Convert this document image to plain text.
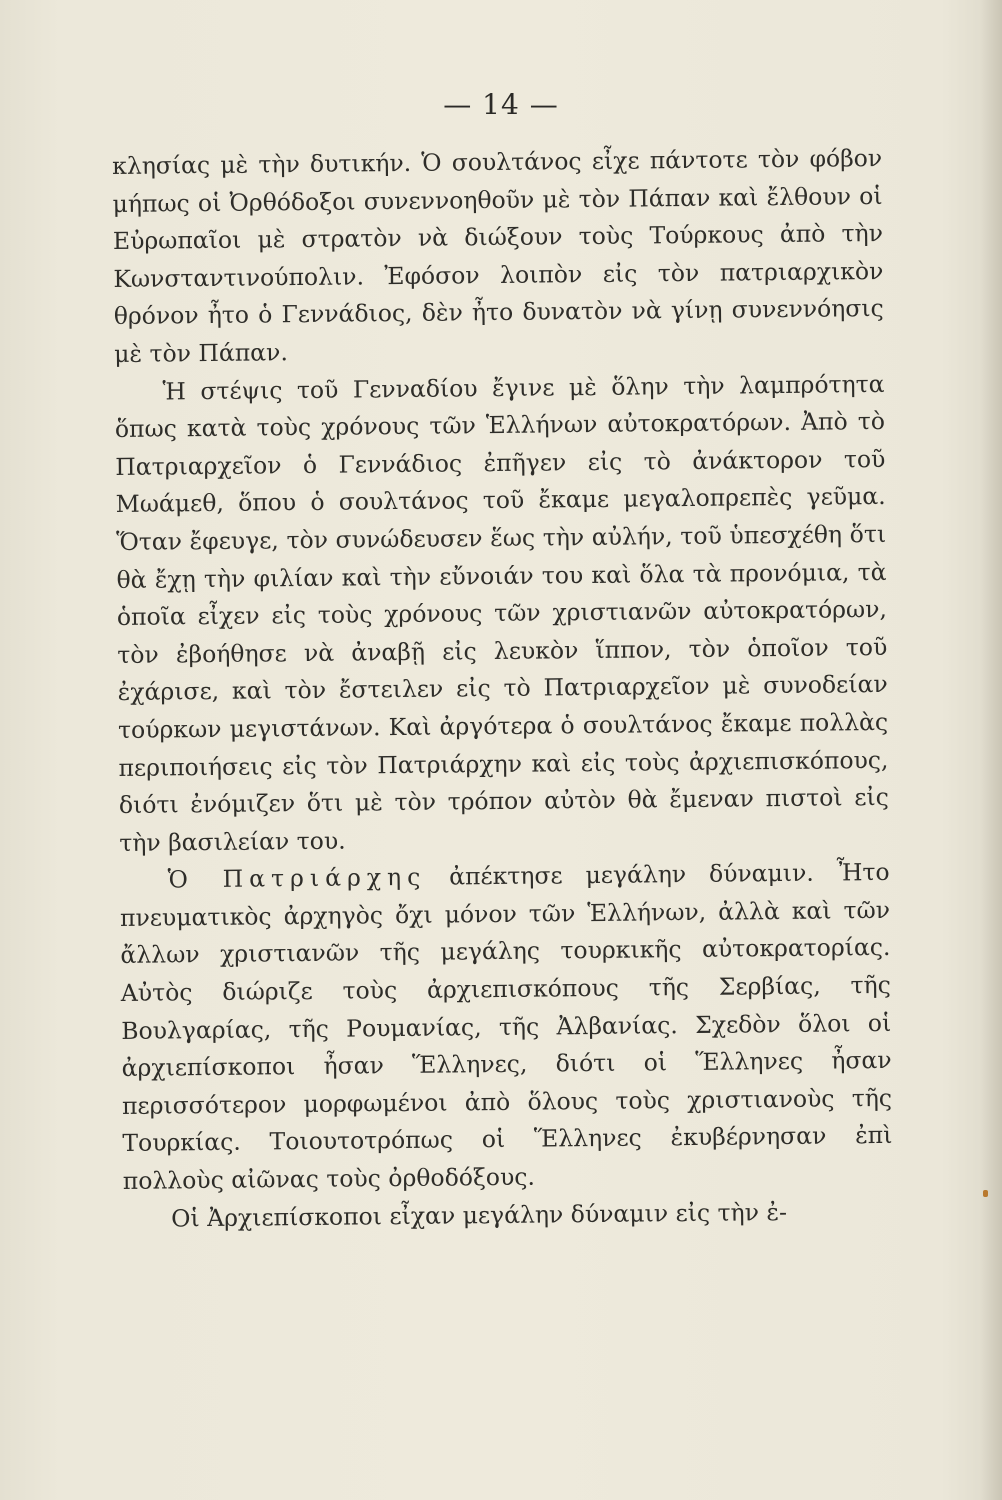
— 14 —

κλησίας μὲ τὴν δυτικήν. Ὁ σουλτάνος εἶχε πάντοτε τὸν φόβον μήπως οἱ Ὀρθόδοξοι συνεννοηθοῦν μὲ τὸν Πάπαν καὶ ἔλθουν οἱ Εὐρωπαῖοι μὲ στρατὸν νὰ διώξουν τοὺς Τούρκους ἀπὸ τὴν Κωνσταντινούπολιν. Ἐφόσον λοιπὸν εἰς τὸν πατριαρχικὸν θρόνον ἦτο ὁ Γεννάδιος, δὲν ἦτο δυνατὸν νὰ γίνῃ συνεννόησις μὲ τὸν Πάπαν.

Ἡ στέψις τοῦ Γενναδίου ἔγινε μὲ ὅλην τὴν λαμπρότητα ὅπως κατὰ τοὺς χρόνους τῶν Ἑλλήνων αὐτοκρατόρων. Ἀπὸ τὸ Πατριαρχεῖον ὁ Γεννάδιος ἐπῆγεν εἰς τὸ ἀνάκτορον τοῦ Μωάμεθ, ὅπου ὁ σουλτάνος τοῦ ἔκαμε μεγαλοπρεπὲς γεῦμα. Ὅταν ἔφευγε, τὸν συνώδευσεν ἕως τὴν αὐλήν, τοῦ ὑπεσχέθη ὅτι θὰ ἔχῃ τὴν φιλίαν καὶ τὴν εὔνοιάν του καὶ ὅλα τὰ προνόμια, τὰ ὁποῖα εἶχεν εἰς τοὺς χρόνους τῶν χριστιανῶν αὐτοκρατόρων, τὸν ἐβοήθησε νὰ ἀναβῇ εἰς λευκὸν ἵππον, τὸν ὁποῖον τοῦ ἐχάρισε, καὶ τὸν ἔστειλεν εἰς τὸ Πατριαρχεῖον μὲ συνοδείαν τούρκων μεγιστάνων. Καὶ ἀργότερα ὁ σουλτάνος ἔκαμε πολλὰς περιποιήσεις εἰς τὸν Πατριάρχην καὶ εἰς τοὺς ἀρχιεπισκόπους, διότι ἐνόμιζεν ὅτι μὲ τὸν τρόπον αὐτὸν θὰ ἔμεναν πιστοὶ εἰς τὴν βασιλείαν του.

Ὁ Πατριάρχης ἀπέκτησε μεγάλην δύναμιν. Ἦτο πνευματικὸς ἀρχηγὸς ὄχι μόνον τῶν Ἑλλήνων, ἀλλὰ καὶ τῶν ἄλλων χριστιανῶν τῆς μεγάλης τουρκικῆς αὐτοκρατορίας. Αὐτὸς διώριζε τοὺς ἀρχιεπισκόπους τῆς Σερβίας, τῆς Βουλγαρίας, τῆς Ρουμανίας, τῆς Ἀλβανίας. Σχεδὸν ὅλοι οἱ ἀρχιεπίσκοποι ἦσαν Ἕλληνες, διότι οἱ Ἕλληνες ἦσαν περισσότερον μορφωμένοι ἀπὸ ὅλους τοὺς χριστιανοὺς τῆς Τουρκίας. Τοιουτοτρόπως οἱ Ἕλληνες ἐκυβέρνησαν ἐπὶ πολλοὺς αἰῶνας τοὺς ὀρθοδόξους.

Οἱ Ἀρχιεπίσκοποι εἶχαν μεγάλην δύναμιν εἰς τὴν ἐ-
